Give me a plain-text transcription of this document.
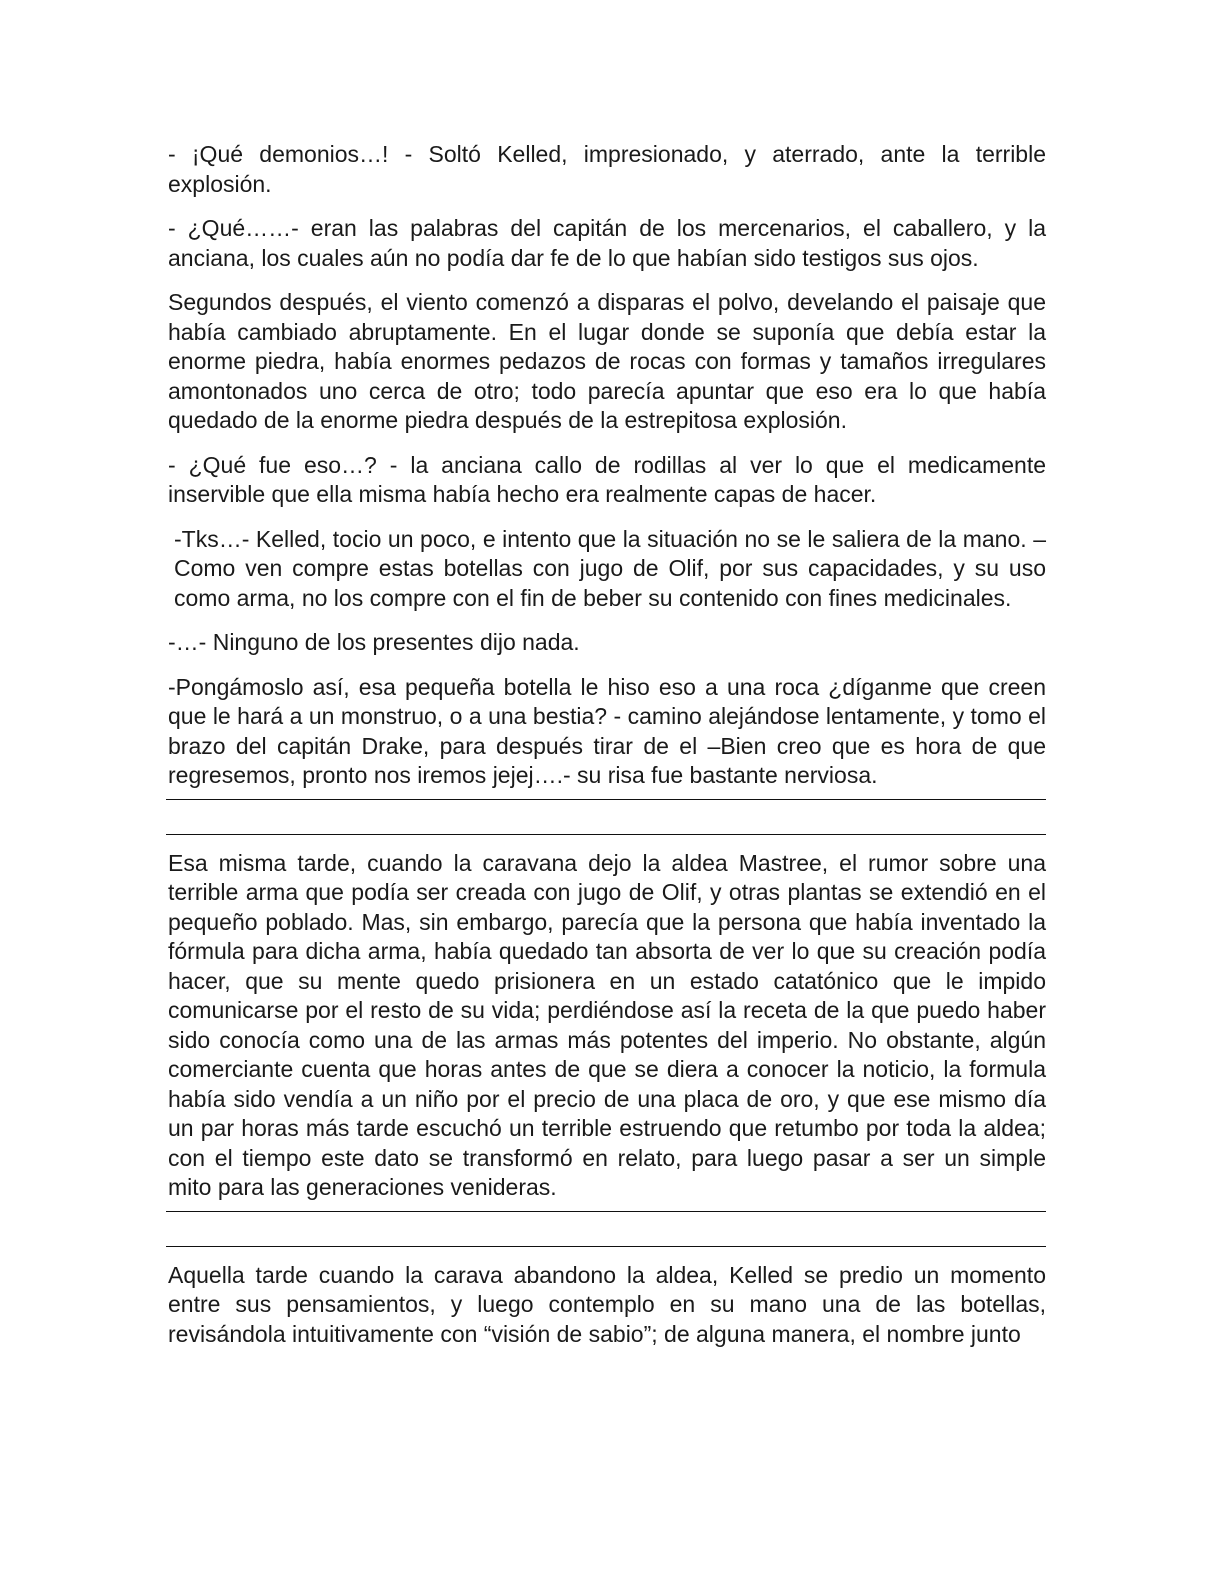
- ¡Qué demonios…! - Soltó Kelled, impresionado, y aterrado, ante la terrible explosión.

- ¿Qué……- eran las palabras del capitán de los mercenarios, el caballero, y la anciana, los cuales aún no podía dar fe de lo que habían sido testigos sus ojos.

Segundos después, el viento comenzó a disparas el polvo, develando el paisaje que había cambiado abruptamente. En el lugar donde se suponía que debía estar la enorme piedra, había enormes pedazos de rocas con formas y tamaños irregulares amontonados uno cerca de otro; todo parecía apuntar que eso era lo que había quedado de la enorme piedra después de la estrepitosa explosión.

- ¿Qué fue eso…? - la anciana callo de rodillas al ver lo que el medicamente inservible que ella misma había hecho era realmente capas de hacer.

-Tks…- Kelled, tocio un poco, e intento que la situación no se le saliera de la mano. –Como ven compre estas botellas con jugo de Olif, por sus capacidades, y su uso como arma, no los compre con el fin de beber su contenido con fines medicinales.

-…- Ninguno de los presentes dijo nada.

-Pongámoslo así, esa pequeña botella le hiso eso a una roca ¿díganme que creen que le hará a un monstruo, o a una bestia? - camino alejándose lentamente, y tomo el brazo del capitán Drake, para después tirar de el –Bien creo que es hora de que regresemos, pronto nos iremos jejej….- su risa fue bastante nerviosa.

Esa misma tarde, cuando la caravana dejo la aldea Mastree, el rumor sobre una terrible arma que podía ser creada con jugo de Olif, y otras plantas se extendió en el pequeño poblado. Mas, sin embargo, parecía que la persona que había inventado la fórmula para dicha arma, había quedado tan absorta de ver lo que su creación podía hacer, que su mente quedo prisionera en un estado catatónico que le impido comunicarse por el resto de su vida; perdiéndose así la receta de la que puedo haber sido conocía como una de las armas más potentes del imperio. No obstante, algún comerciante cuenta que horas antes de que se diera a conocer la noticio, la formula había sido vendía a un niño por el precio de una placa de oro, y que ese mismo día un par horas más tarde escuchó un terrible estruendo que retumbo por toda la aldea; con el tiempo este dato se transformó en relato, para luego pasar a ser un simple mito para las generaciones venideras.

Aquella tarde cuando la carava abandono la aldea, Kelled se predio un momento entre sus pensamientos, y luego contemplo en su mano una de las botellas, revisándola intuitivamente con “visión de sabio”; de alguna manera, el nombre junto
